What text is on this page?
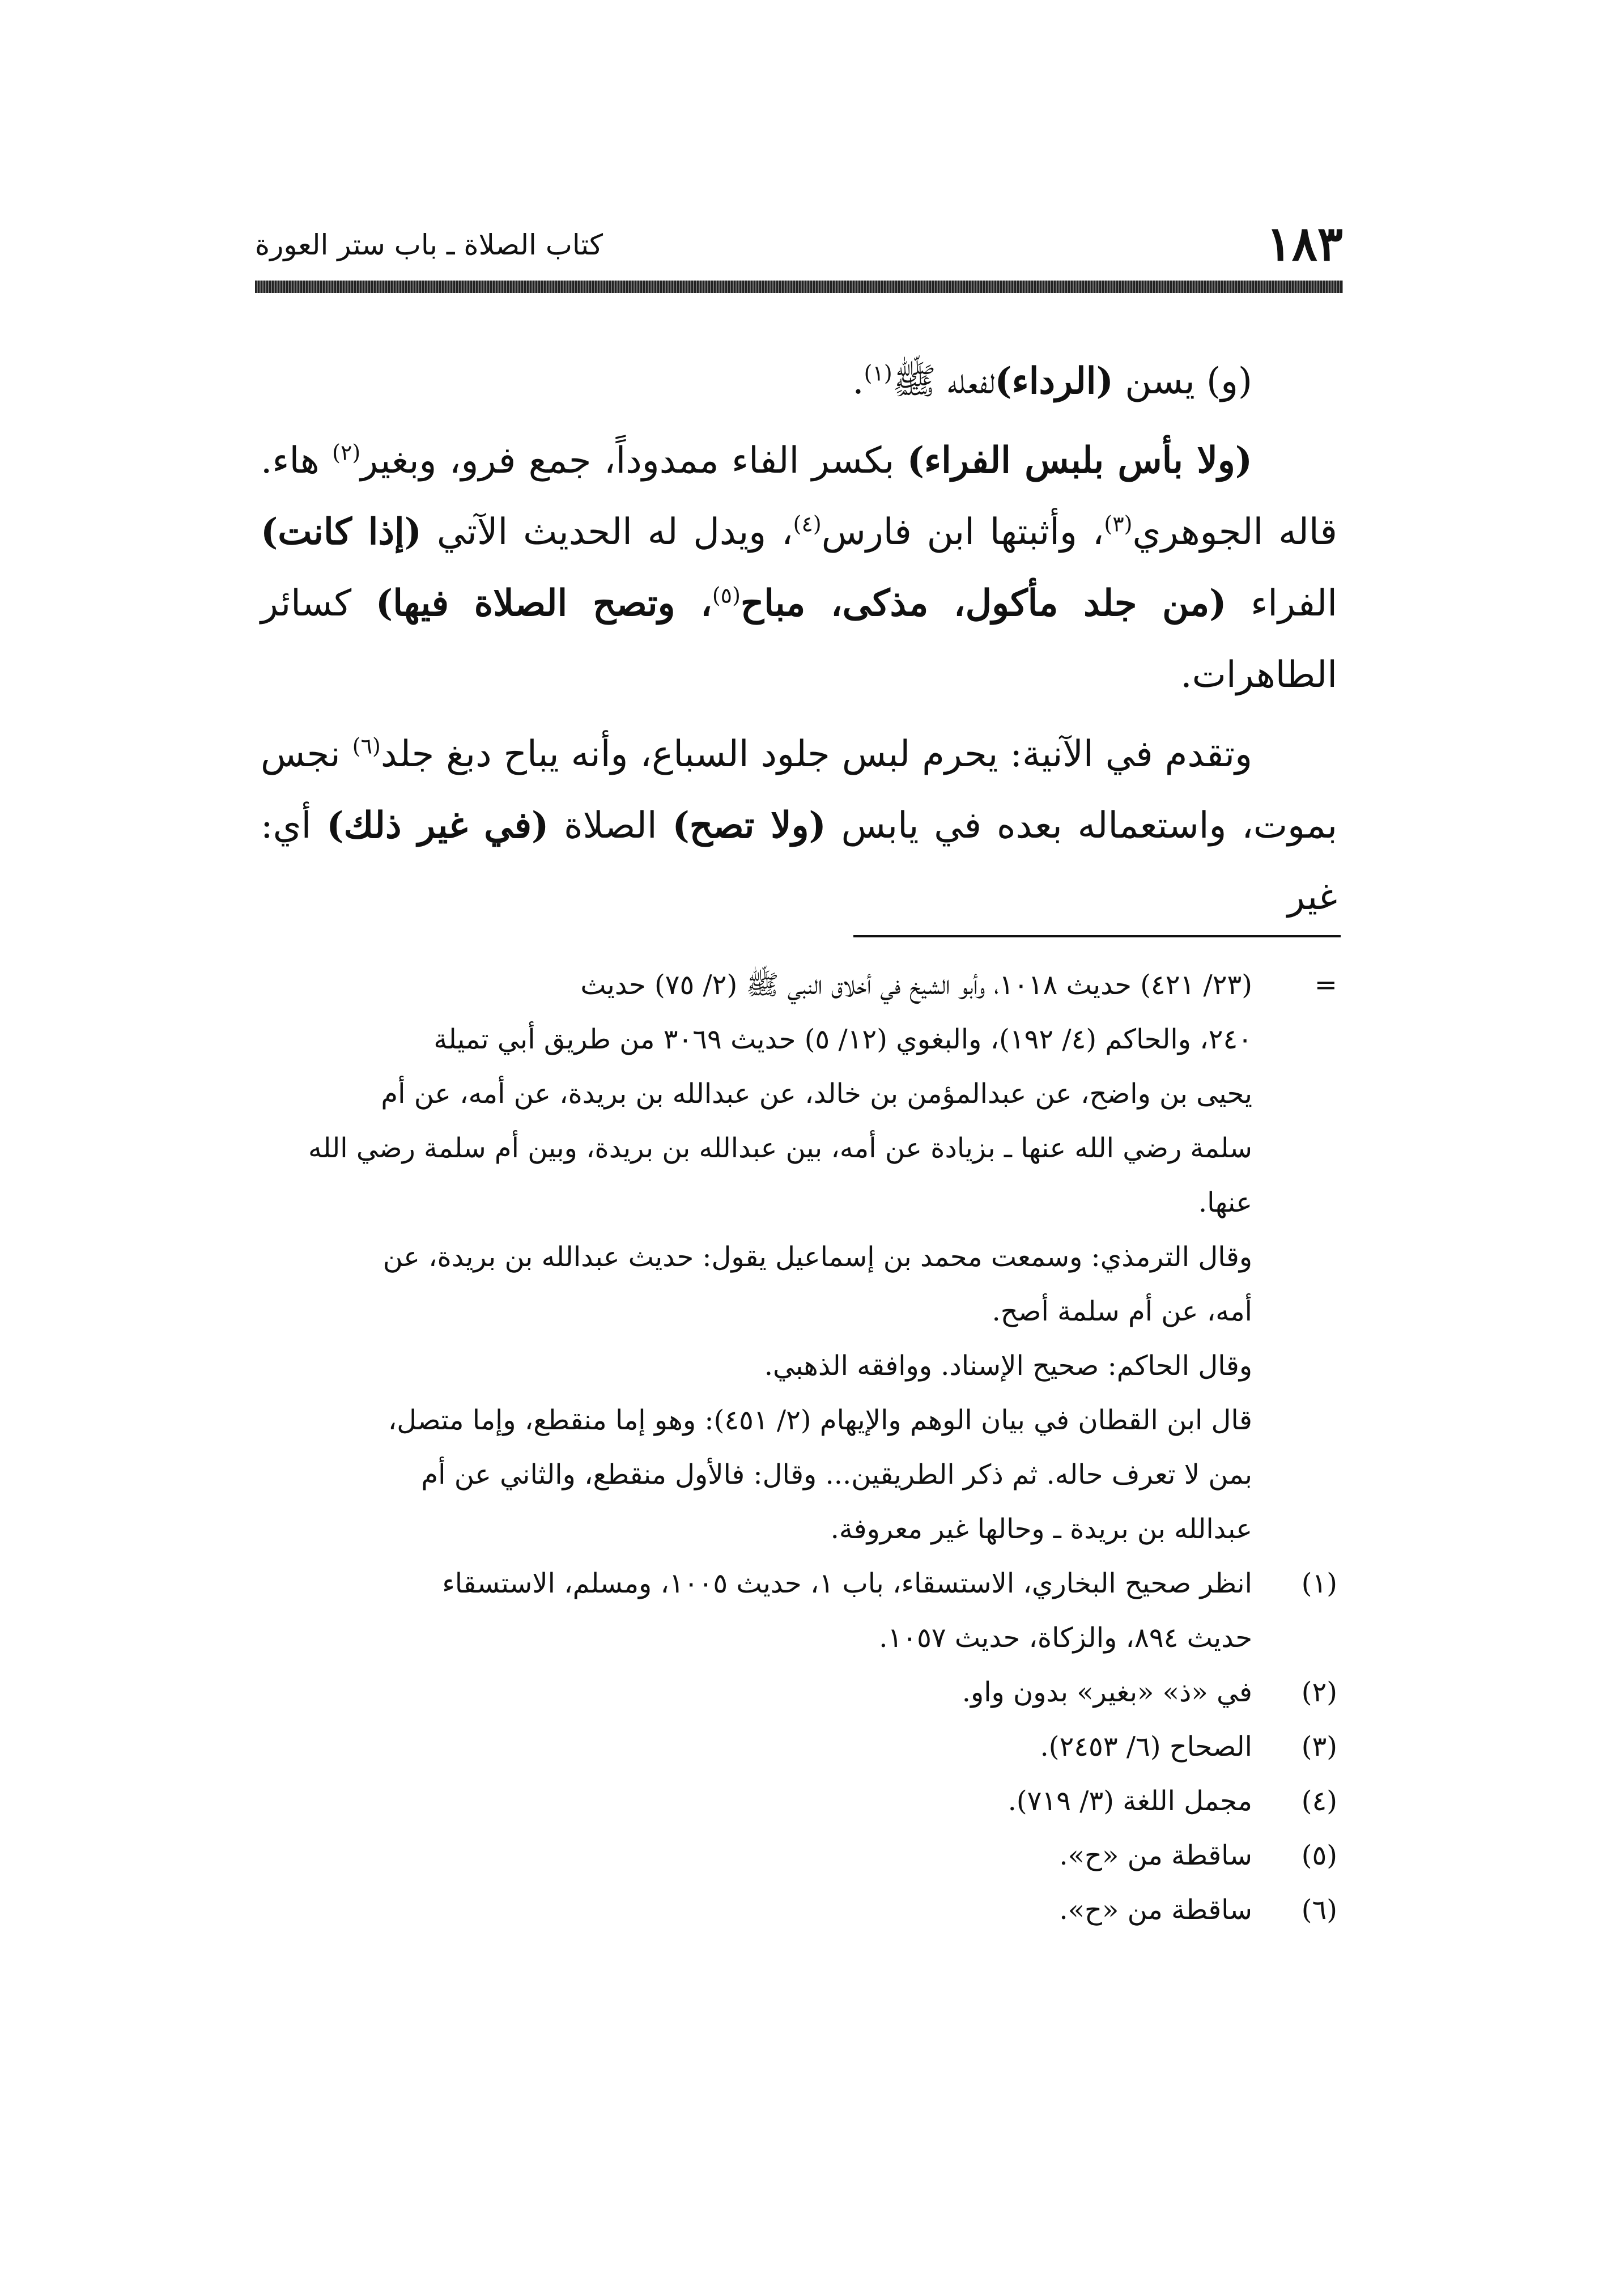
١٨٣
كتاب الصلاة ـ باب ستر العورة

(و) يسن (الرداء)لفعله ﷺ$^{(١)}$.

(ولا بأس بلبس الفراء) بكسر الفاء ممدوداً، جمع فرو، وبغير$^{(٢)}$ هاء. قاله الجوهري$^{(٣)}$، وأثبتها ابن فارس$^{(٤)}$، ويدل له الحديث الآتي (إذا كانت) الفراء (من جلد مأكول، مذكى، مباح$^{(٥)}$، وتصح الصلاة فيها) كسائر الطاهرات.

وتقدم في الآنية: يحرم لبس جلود السباع، وأنه يباح دبغ جلد$^{(٦)}$ نجس بموت، واستعماله بعده في يابس (ولا تصح) الصلاة (في غير ذلك) أي: غير

=
(٢٣/ ٤٢١) حديث ١٠١٨، وأبو الشيخ في أخلاق النبي ﷺ (٢/ ٧٥) حديث
٢٤٠، والحاكم (٤/ ١٩٢)، والبغوي (١٢/ ٥) حديث ٣٠٦٩ من طريق أبي تميلة
يحيى بن واضح، عن عبدالمؤمن بن خالد، عن عبدالله بن بريدة، عن أمه، عن أم
سلمة رضي الله عنها ـ بزيادة عن أمه، بين عبدالله بن بريدة، وبين أم سلمة رضي الله
عنها.
وقال الترمذي: وسمعت محمد بن إسماعيل يقول: حديث عبدالله بن بريدة، عن
أمه، عن أم سلمة أصح.
وقال الحاكم: صحيح الإسناد. ووافقه الذهبي.
قال ابن القطان في بيان الوهم والإيهام (٢/ ٤٥١): وهو إما منقطع، وإما متصل،
بمن لا تعرف حاله. ثم ذكر الطريقين... وقال: فالأول منقطع، والثاني عن أم
عبدالله بن بريدة ـ وحالها غير معروفة.
(١)
انظر صحيح البخاري، الاستسقاء، باب ١، حديث ١٠٠٥، ومسلم، الاستسقاء
حديث ٨٩٤، والزكاة، حديث ١٠٥٧.
(٢)
في «ذ» «بغير» بدون واو.
(٣)
الصحاح (٦/ ٢٤٥٣).
(٤)
مجمل اللغة (٣/ ٧١٩).
(٥)
ساقطة من «ح».
(٦)
ساقطة من «ح».
